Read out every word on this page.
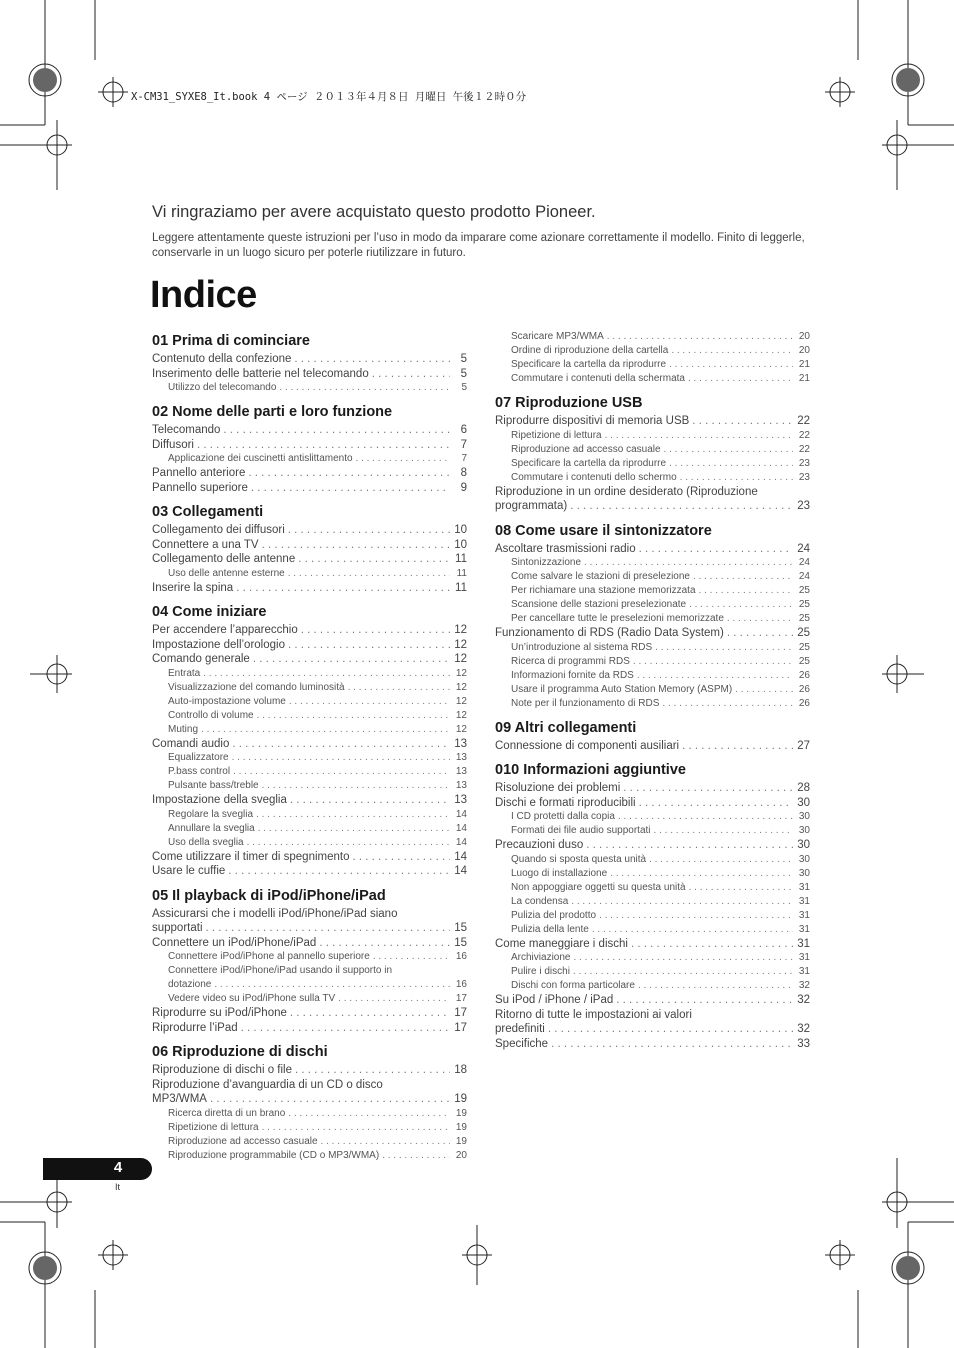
X-CM31_SYXE8_It.book 4 ページ ２０１３年４月８日 月曜日 午後１２時０分
Vi ringraziamo per avere acquistato questo prodotto Pioneer.
Leggere attentamente queste istruzioni per l’uso in modo da imparare come azionare correttamente il modello. Finito di leggerle, conservarle in un luogo sicuro per poterle riutilizzare in futuro.
Indice
01 Prima di cominciare
Contenuto della confezione . . .	5
Inserimento delle batterie nel telecomando . . .	5
Utilizzo del telecomando . . .	5
02 Nome delle parti e loro funzione
Telecomando . . .	6
Diffusori . . .	7
Applicazione dei cuscinetti antislittamento . . .	7
Pannello anteriore . . .	8
Pannello superiore . . .	9
03 Collegamenti
Collegamento dei diffusori . . .	10
Connettere a una TV . . .	10
Collegamento delle antenne . . .	11
Uso delle antenne esterne . . .	11
Inserire la spina . . .	11
04 Come iniziare
Per accendere l’apparecchio . . .	12
Impostazione dell’orologio . . .	12
Comando generale . . .	12
Entrata . . .	12
Visualizzazione del comando luminosità . . .	12
Auto-impostazione volume . . .	12
Controllo di volume . . .	12
Muting . . .	12
Comandi audio . . .	13
Equalizzatore . . .	13
P.bass control . . .	13
Pulsante bass/treble . . .	13
Impostazione della sveglia . . .	13
Regolare la sveglia . . .	14
Annullare la sveglia . . .	14
Uso della sveglia . . .	14
Come utilizzare il timer di spegnimento . . .	14
Usare le cuffie . . .	14
05 Il playback di iPod/iPhone/iPad
Assicurarsi che i modelli iPod/iPhone/iPad siano
supportati . . .	15
Connettere un iPod/iPhone/iPad . . .	15
Connettere iPod/iPhone al pannello superiore . . .	16
Connettere iPod/iPhone/iPad usando il supporto in
dotazione . . .	16
Vedere video su iPod/iPhone sulla TV . . .	17
Riprodurre su iPod/iPhone . . .	17
Riprodurre l’iPad . . .	17
06 Riproduzione di dischi
Riproduzione di dischi o file . . .	18
Riproduzione d’avanguardia di un CD o disco
MP3/WMA . . .	19
Ricerca diretta di un brano . . .	19
Ripetizione di lettura . . .	19
Riproduzione ad accesso casuale . . .	19
Riproduzione programmabile (CD o MP3/WMA) . . .	20
Scaricare MP3/WMA . . .	20
Ordine di riproduzione della cartella . . .	20
Specificare la cartella da riprodurre . . .	21
Commutare i contenuti della schermata . . .	21
07 Riproduzione USB
Riprodurre dispositivi di memoria USB . . .	22
Ripetizione di lettura . . .	22
Riproduzione ad accesso casuale . . .	22
Specificare la cartella da riprodurre . . .	23
Commutare i contenuti dello schermo . . .	23
Riproduzione in un ordine desiderato (Riproduzione
programmata) . . .	23
08 Come usare il sintonizzatore
Ascoltare trasmissioni radio . . .	24
Sintonizzazione . . .	24
Come salvare le stazioni di preselezione . . .	24
Per richiamare una stazione memorizzata . . .	25
Scansione delle stazioni preselezionate . . .	25
Per cancellare tutte le preselezioni memorizzate . . .	25
Funzionamento di RDS (Radio Data System) . . .	25
Un’introduzione al sistema RDS . . .	25
Ricerca di programmi RDS . . .	25
Informazioni fornite da RDS . . .	26
Usare il programma Auto Station Memory (ASPM) . . .	26
Note per il funzionamento di RDS . . .	26
09 Altri collegamenti
Connessione di componenti ausiliari . . .	27
010 Informazioni aggiuntive
Risoluzione dei problemi . . .	28
Dischi e formati riproducibili . . .	30
I CD protetti dalla copia . . .	30
Formati dei file audio supportati . . .	30
Precauzioni duso . . .	30
Quando si sposta questa unità . . .	30
Luogo di installazione . . .	30
Non appoggiare oggetti su questa unità . . .	31
La condensa . . .	31
Pulizia del prodotto . . .	31
Pulizia della lente . . .	31
Come maneggiare i dischi . . .	31
Archiviazione . . .	31
Pulire i dischi . . .	31
Dischi con forma particolare . . .	32
Su iPod / iPhone / iPad . . .	32
Ritorno di tutte le impostazioni ai valori
predefiniti . . .	32
Specifiche . . .	33
4
It
